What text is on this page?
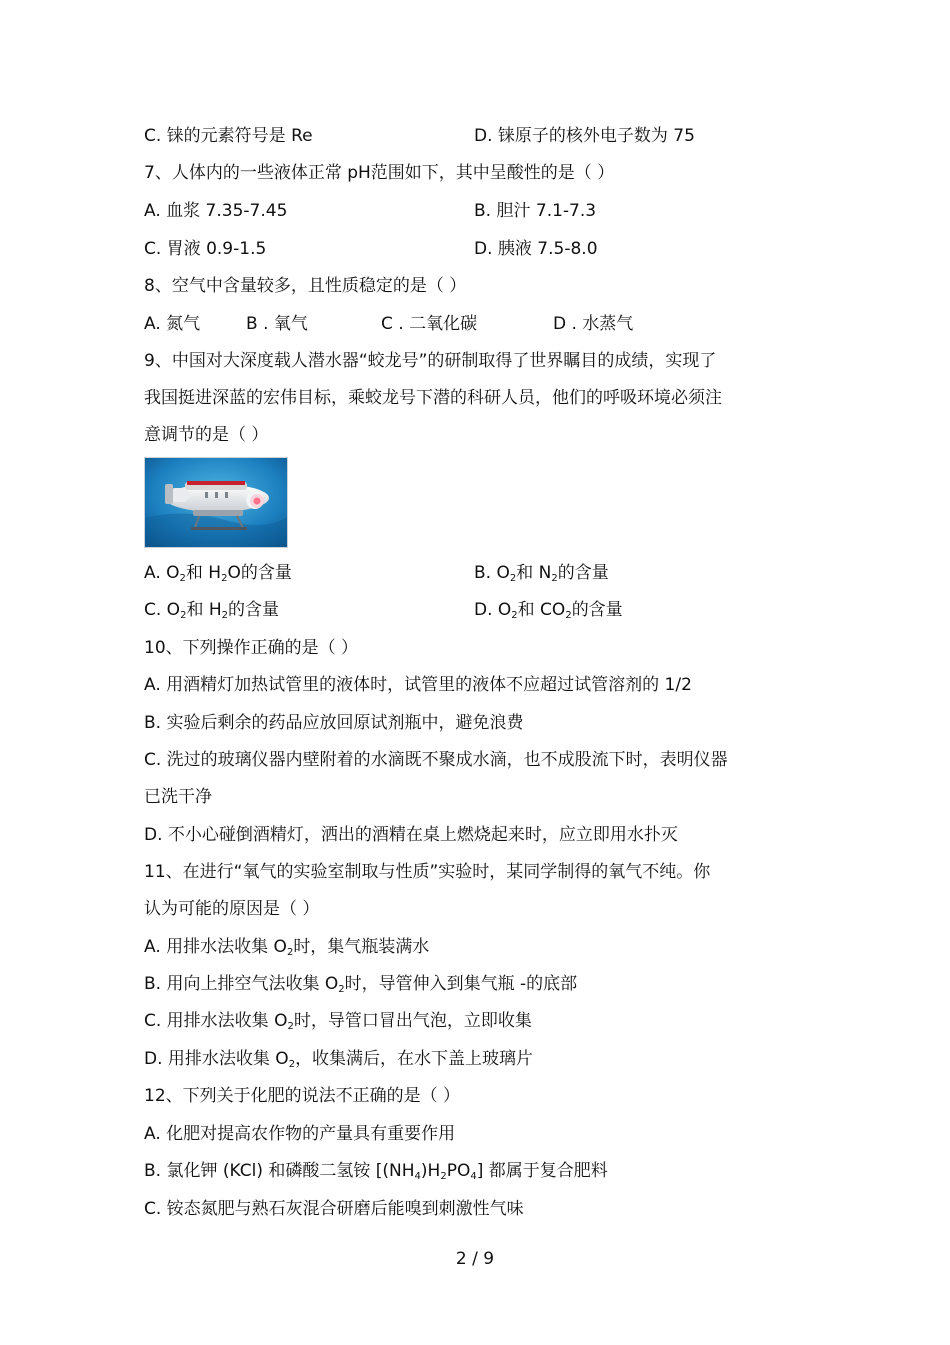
C. 铼的元素符号是 Re	D. 铼原子的核外电子数为 75
7、人体内的一些液体正常 pH范围如下，其中呈酸性的是（ ）
A. 血浆 7.35-7.45	B. 胆汁 7.1-7.3
C. 胃液 0.9-1.5	D. 胰液 7.5-8.0
8、空气中含量较多，且性质稳定的是（ ）
A. 氮气	B . 氧气	C . 二氧化碳	D . 水蒸气
9、中国对大深度载人潜水器“蛟龙号”的研制取得了世界瞩目的成绩，实现了
我国挺进深蓝的宏伟目标，乘蛟龙号下潜的科研人员，他们的呼吸环境必须注
意调节的是（ ）
A. $O_2$和 $H_2O$的含量	B. $O_2$和 $N_2$的含量
C. $O_2$和 $H_2$的含量	D. $O_2$和 $CO_2$的含量
10、下列操作正确的是（ ）
A. 用酒精灯加热试管里的液体时，试管里的液体不应超过试管溶剂的 1/2
B. 实验后剩余的药品应放回原试剂瓶中，避免浪费
C. 洗过的玻璃仪器内壁附着的水滴既不聚成水滴，也不成股流下时，表明仪器
已洗干净
D. 不小心碰倒酒精灯，洒出的酒精在桌上燃烧起来时，应立即用水扑灭
11、在进行“氧气的实验室制取与性质”实验时，某同学制得的氧气不纯。你
认为可能的原因是（ ）
A. 用排水法收集 $O_2$时，集气瓶装满水
B. 用向上排空气法收集 $O_2$时，导管伸入到集气瓶 -的底部
C. 用排水法收集 $O_2$时，导管口冒出气泡，立即收集
D. 用排水法收集 $O_2$，收集满后，在水下盖上玻璃片
12、下列关于化肥的说法不正确的是（ ）
A. 化肥对提高农作物的产量具有重要作用
B. 氯化钾 (KCl) 和磷酸二氢铵 $[(NH_4)H_2PO_4]$ 都属于复合肥料
C. 铵态氮肥与熟石灰混合研磨后能嗅到刺激性气味
2 / 9
